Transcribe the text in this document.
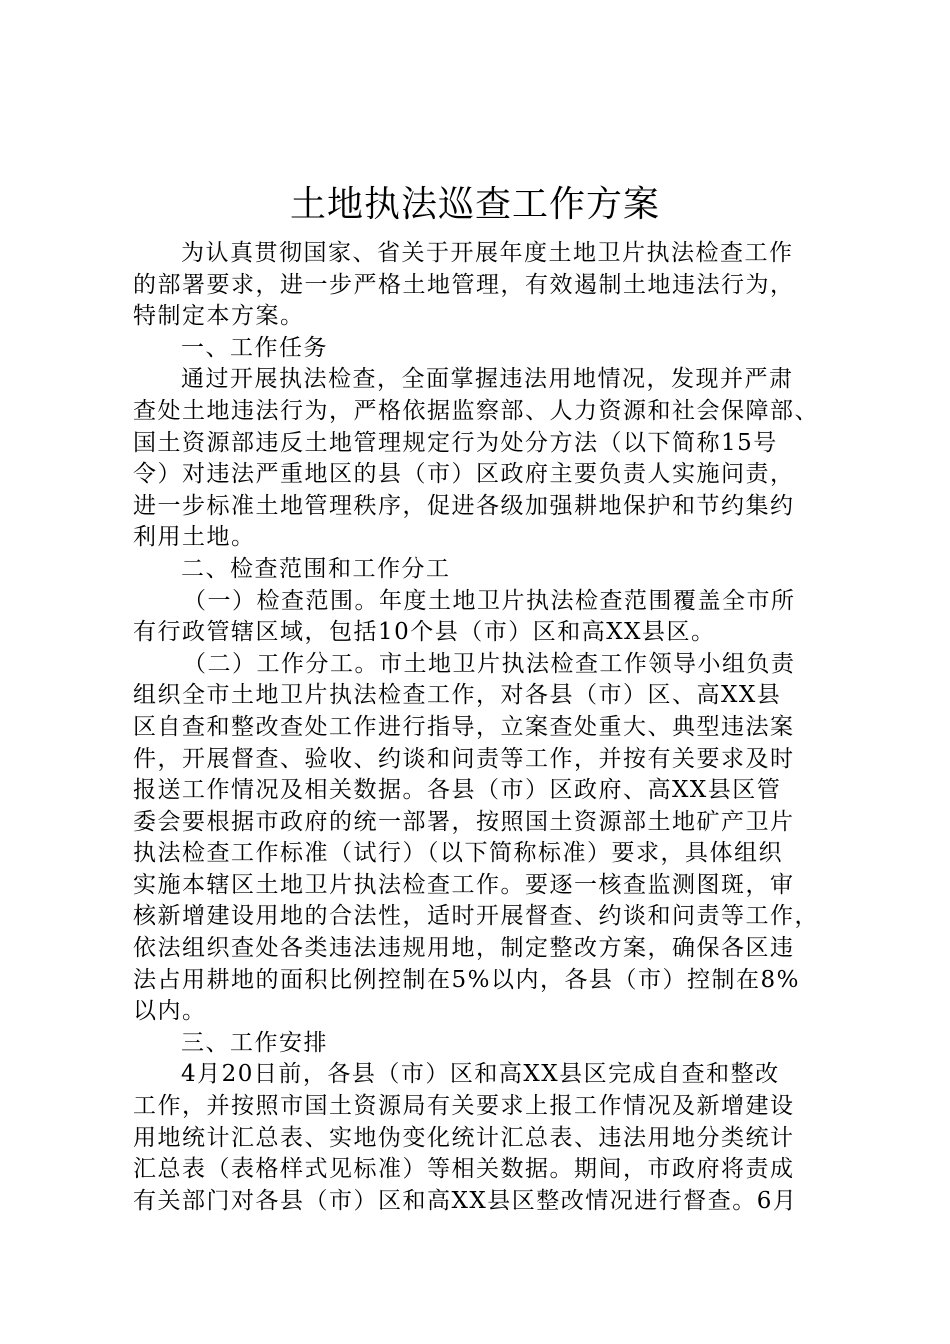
土地执法巡查工作方案
为认真贯彻国家、省关于开展年度土地卫片执法检查工作
的部署要求，进一步严格土地管理，有效遏制土地违法行为，
特制定本方案。
一、工作任务
通过开展执法检查，全面掌握违法用地情况，发现并严肃
查处土地违法行为，严格依据监察部、人力资源和社会保障部、
国土资源部违反土地管理规定行为处分方法（以下简称15号
令）对违法严重地区的县（市）区政府主要负责人实施问责，
进一步标准土地管理秩序，促进各级加强耕地保护和节约集约
利用土地。
二、检查范围和工作分工
（一）检查范围。年度土地卫片执法检查范围覆盖全市所
有行政管辖区域，包括10个县（市）区和高XX县区。
（二）工作分工。市土地卫片执法检查工作领导小组负责
组织全市土地卫片执法检查工作，对各县（市）区、高XX县
区自查和整改查处工作进行指导，立案查处重大、典型违法案
件，开展督查、验收、约谈和问责等工作，并按有关要求及时
报送工作情况及相关数据。各县（市）区政府、高XX县区管
委会要根据市政府的统一部署，按照国土资源部土地矿产卫片
执法检查工作标准（试行）（以下简称标准）要求，具体组织
实施本辖区土地卫片执法检查工作。要逐一核查监测图斑，审
核新增建设用地的合法性，适时开展督查、约谈和问责等工作，
依法组织查处各类违法违规用地，制定整改方案，确保各区违
法占用耕地的面积比例控制在5%以内，各县（市）控制在8%
以内。
三、工作安排
4月20日前，各县（市）区和高XX县区完成自查和整改
工作，并按照市国土资源局有关要求上报工作情况及新增建设
用地统计汇总表、实地伪变化统计汇总表、违法用地分类统计
汇总表（表格样式见标准）等相关数据。期间，市政府将责成
有关部门对各县（市）区和高XX县区整改情况进行督查。6月
